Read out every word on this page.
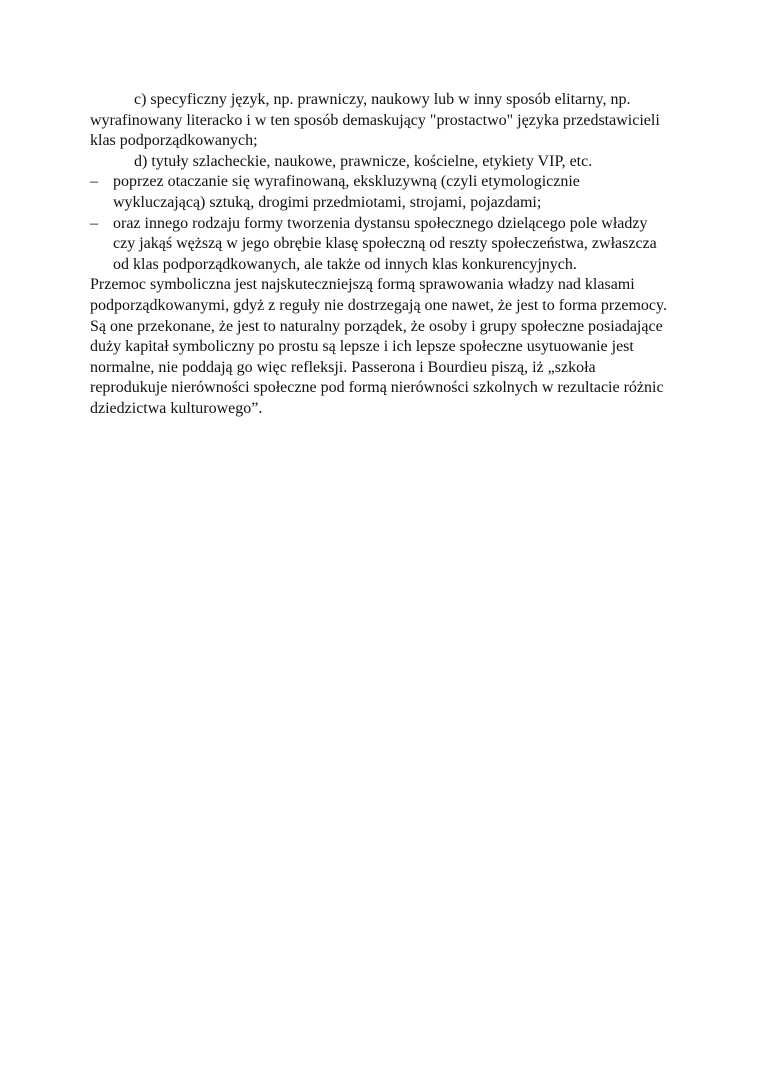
c) specyficzny język, np. prawniczy, naukowy lub w inny sposób elitarny, np. wyrafinowany literacko i w ten sposób demaskujący "prostactwo" języka przedstawicieli klas podporządkowanych;

d) tytuły szlacheckie, naukowe, prawnicze, kościelne, etykiety VIP, etc.

– poprzez otaczanie się wyrafinowaną, ekskluzywną (czyli etymologicznie wykluczającą) sztuką, drogimi przedmiotami, strojami, pojazdami;
– oraz innego rodzaju formy tworzenia dystansu społecznego dzielącego pole władzy czy jakąś węższą w jego obrębie klasę społeczną od reszty społeczeństwa, zwłaszcza od klas podporządkowanych, ale także od innych klas konkurencyjnych.

Przemoc symboliczna jest najskuteczniejszą formą sprawowania władzy nad klasami podporządkowanymi, gdyż z reguły nie dostrzegają one nawet, że jest to forma przemocy. Są one przekonane, że jest to naturalny porządek, że osoby i grupy społeczne posiadające duży kapitał symboliczny po prostu są lepsze i ich lepsze społeczne usytuowanie jest normalne, nie poddają go więc refleksji. Passerona i Bourdieu piszą, iż „szkoła reprodukuje nierówności społeczne pod formą nierówności szkolnych w rezultacie różnic dziedzictwa kulturowego”.
